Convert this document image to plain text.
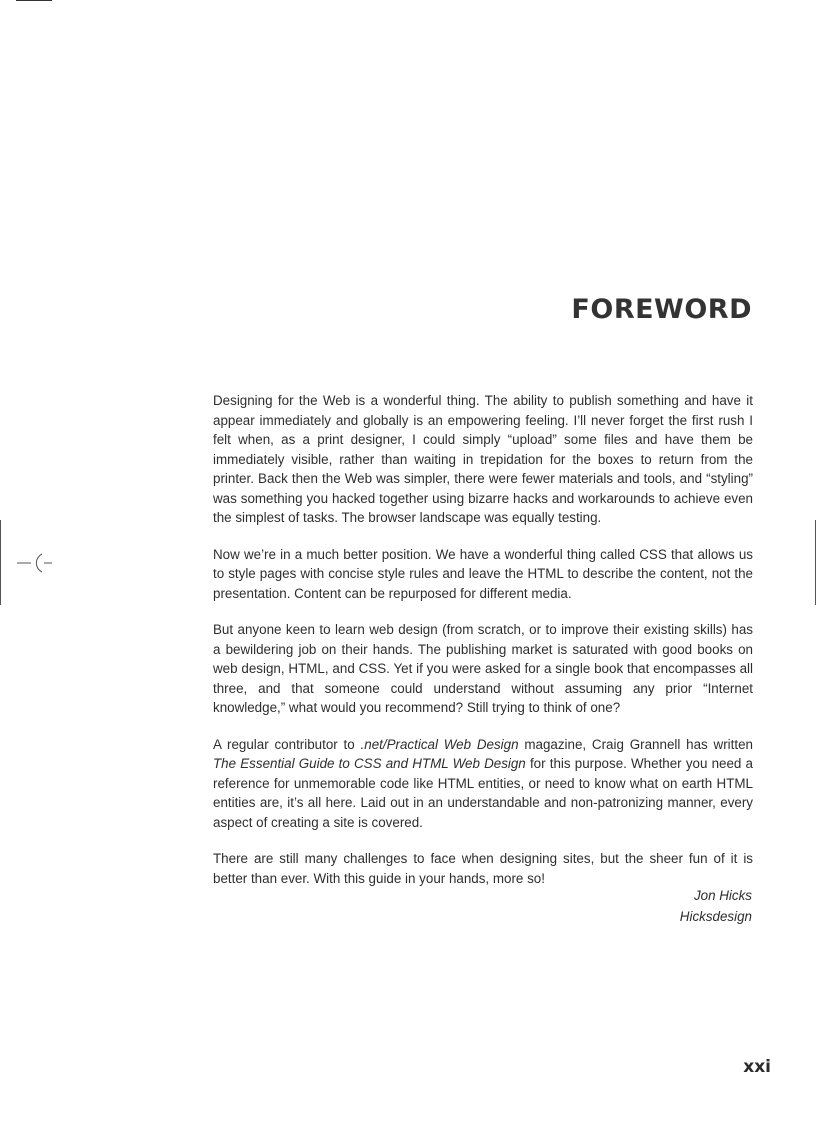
FOREWORD

Designing for the Web is a wonderful thing. The ability to publish something and have it appear immediately and globally is an empowering feeling. I’ll never forget the first rush I felt when, as a print designer, I could simply “upload” some files and have them be immediately visible, rather than waiting in trepidation for the boxes to return from the printer. Back then the Web was simpler, there were fewer materials and tools, and “styling” was something you hacked together using bizarre hacks and workarounds to achieve even the simplest of tasks. The browser landscape was equally testing.

Now we’re in a much better position. We have a wonderful thing called CSS that allows us to style pages with concise style rules and leave the HTML to describe the content, not the presentation. Content can be repurposed for different media.

But anyone keen to learn web design (from scratch, or to improve their existing skills) has a bewildering job on their hands. The publishing market is saturated with good books on web design, HTML, and CSS. Yet if you were asked for a single book that encompasses all three, and that someone could understand without assuming any prior “Internet knowledge,” what would you recommend? Still trying to think of one?

A regular contributor to .net/Practical Web Design magazine, Craig Grannell has written The Essential Guide to CSS and HTML Web Design for this purpose. Whether you need a reference for unmemorable code like HTML entities, or need to know what on earth HTML entities are, it’s all here. Laid out in an understandable and non-patronizing manner, every aspect of creating a site is covered.

There are still many challenges to face when designing sites, but the sheer fun of it is better than ever. With this guide in your hands, more so!

Jon Hicks
Hicksdesign
xxi
